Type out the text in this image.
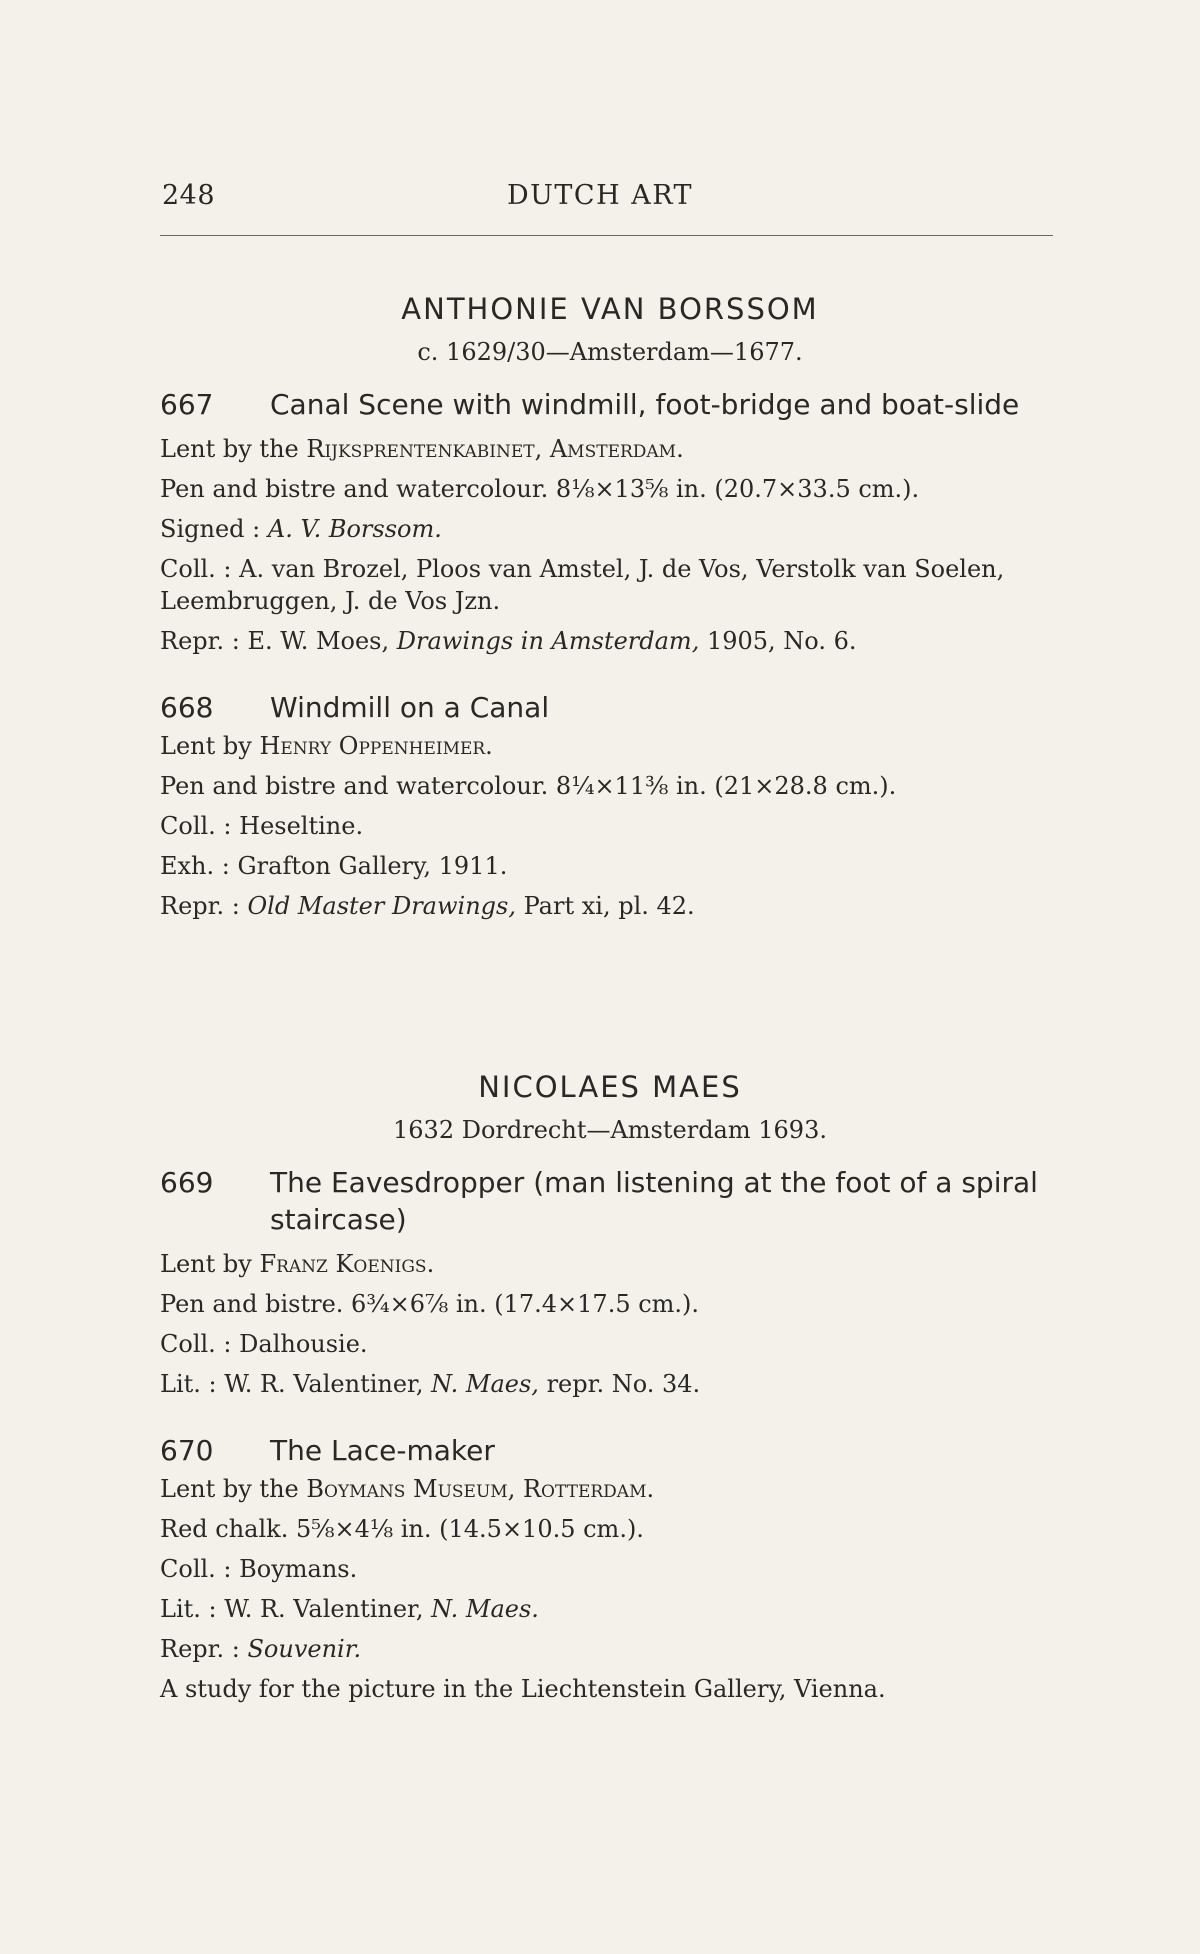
248	DUTCH ART
ANTHONIE VAN BORSSOM
c. 1629/30—Amsterdam—1677.
667 Canal Scene with windmill, foot-bridge and boat-slide
Lent by the Rijksprentenkabinet, Amsterdam.
Pen and bistre and watercolour. 8⅛×13⅝ in. (20.7×33.5 cm.).
Signed : A. V. Borssom.
Coll. : A. van Brozel, Ploos van Amstel, J. de Vos, Verstolk van Soelen, Leembruggen, J. de Vos Jzn.
Repr. : E. W. Moes, Drawings in Amsterdam, 1905, No. 6.
668 Windmill on a Canal
Lent by Henry Oppenheimer.
Pen and bistre and watercolour. 8¼×11⅜ in. (21×28.8 cm.).
Coll. : Heseltine.
Exh. : Grafton Gallery, 1911.
Repr. : Old Master Drawings, Part xi, pl. 42.
NICOLAES MAES
1632 Dordrecht—Amsterdam 1693.
669 The Eavesdropper (man listening at the foot of a spiral staircase)
Lent by Franz Koenigs.
Pen and bistre. 6¾×6⅞ in. (17.4×17.5 cm.).
Coll. : Dalhousie.
Lit. : W. R. Valentiner, N. Maes, repr. No. 34.
670 The Lace-maker
Lent by the Boymans Museum, Rotterdam.
Red chalk. 5⅝×4⅛ in. (14.5×10.5 cm.).
Coll. : Boymans.
Lit. : W. R. Valentiner, N. Maes.
Repr. : Souvenir.
A study for the picture in the Liechtenstein Gallery, Vienna.
